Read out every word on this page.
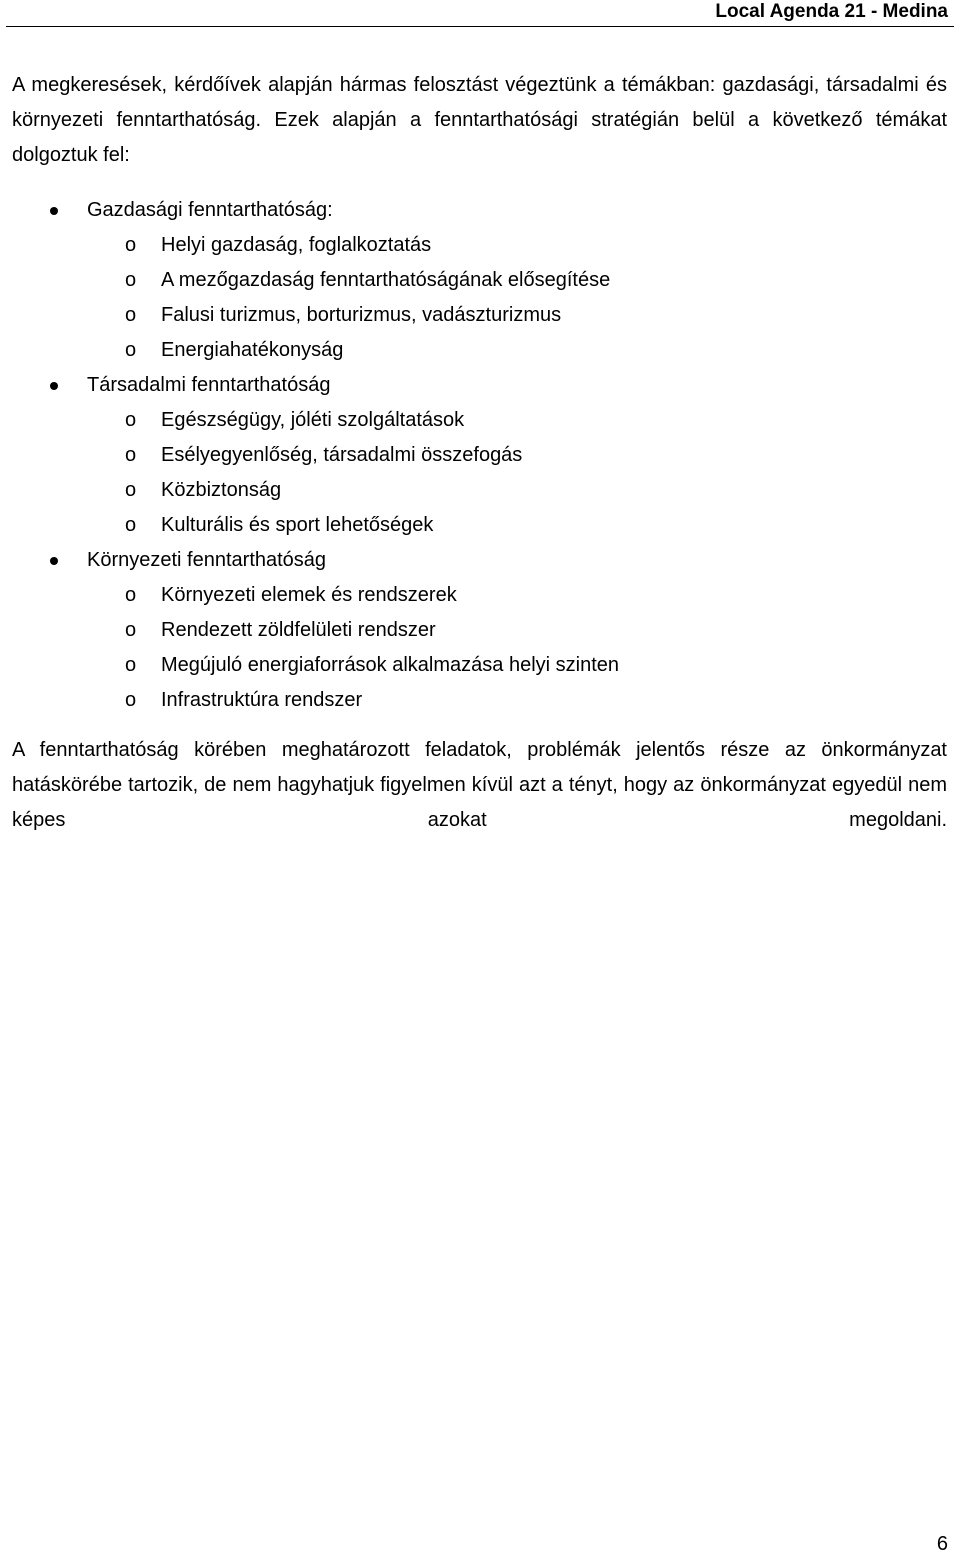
Local Agenda 21 - Medina

A megkeresések, kérdőívek alapján hármas felosztást végeztünk a témákban: gazdasági, társadalmi és környezeti fenntarthatóság. Ezek alapján a fenntarthatósági stratégián belül a következő témákat dolgoztuk fel:

Gazdasági fenntarthatóság:
o Helyi gazdaság, foglalkoztatás
o A mezőgazdaság fenntarthatóságának elősegítése
o Falusi turizmus, borturizmus, vadászturizmus
o Energiahatékonyság
Társadalmi fenntarthatóság
o Egészségügy, jóléti szolgáltatások
o Esélyegyenlőség, társadalmi összefogás
o Közbiztonság
o Kulturális és sport lehetőségek
Környezeti fenntarthatóság
o Környezeti elemek és rendszerek
o Rendezett zöldfelületi rendszer
o Megújuló energiaforrások alkalmazása helyi szinten
o Infrastruktúra rendszer

A fenntarthatóság körében meghatározott feladatok, problémák jelentős része az önkormányzat hatáskörébe tartozik, de nem hagyhatjuk figyelmen kívül azt a tényt, hogy az önkormányzat egyedül nem képes azokat megoldani.

6
